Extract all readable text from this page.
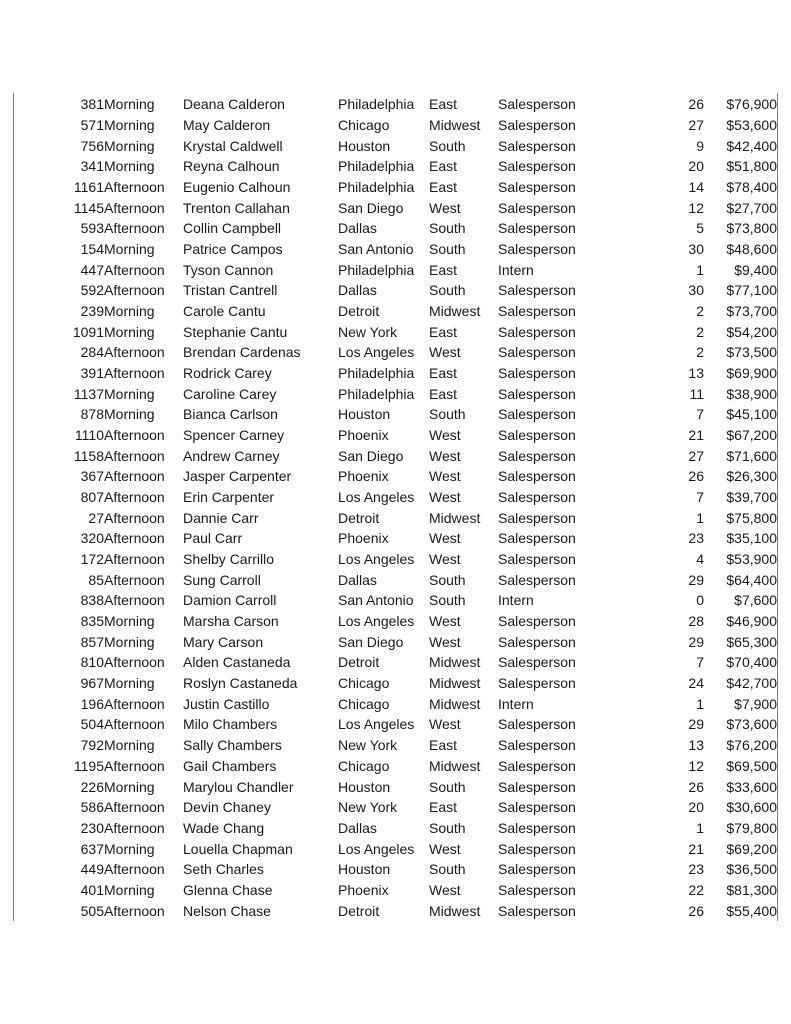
381	Morning	Deana Calderon	Philadelphia	East	Salesperson	26	$76,900
571	Morning	May Calderon	Chicago	Midwest	Salesperson	27	$53,600
756	Morning	Krystal Caldwell	Houston	South	Salesperson	9	$42,400
341	Morning	Reyna Calhoun	Philadelphia	East	Salesperson	20	$51,800
1161	Afternoon	Eugenio Calhoun	Philadelphia	East	Salesperson	14	$78,400
1145	Afternoon	Trenton Callahan	San Diego	West	Salesperson	12	$27,700
593	Afternoon	Collin Campbell	Dallas	South	Salesperson	5	$73,800
154	Morning	Patrice Campos	San Antonio	South	Salesperson	30	$48,600
447	Afternoon	Tyson Cannon	Philadelphia	East	Intern	1	$9,400
592	Afternoon	Tristan Cantrell	Dallas	South	Salesperson	30	$77,100
239	Morning	Carole Cantu	Detroit	Midwest	Salesperson	2	$73,700
1091	Morning	Stephanie Cantu	New York	East	Salesperson	2	$54,200
284	Afternoon	Brendan Cardenas	Los Angeles	West	Salesperson	2	$73,500
391	Afternoon	Rodrick Carey	Philadelphia	East	Salesperson	13	$69,900
1137	Morning	Caroline Carey	Philadelphia	East	Salesperson	11	$38,900
878	Morning	Bianca Carlson	Houston	South	Salesperson	7	$45,100
1110	Afternoon	Spencer Carney	Phoenix	West	Salesperson	21	$67,200
1158	Afternoon	Andrew Carney	San Diego	West	Salesperson	27	$71,600
367	Afternoon	Jasper Carpenter	Phoenix	West	Salesperson	26	$26,300
807	Afternoon	Erin Carpenter	Los Angeles	West	Salesperson	7	$39,700
27	Afternoon	Dannie Carr	Detroit	Midwest	Salesperson	1	$75,800
320	Afternoon	Paul Carr	Phoenix	West	Salesperson	23	$35,100
172	Afternoon	Shelby Carrillo	Los Angeles	West	Salesperson	4	$53,900
85	Afternoon	Sung Carroll	Dallas	South	Salesperson	29	$64,400
838	Afternoon	Damion Carroll	San Antonio	South	Intern	0	$7,600
835	Morning	Marsha Carson	Los Angeles	West	Salesperson	28	$46,900
857	Morning	Mary Carson	San Diego	West	Salesperson	29	$65,300
810	Afternoon	Alden Castaneda	Detroit	Midwest	Salesperson	7	$70,400
967	Morning	Roslyn Castaneda	Chicago	Midwest	Salesperson	24	$42,700
196	Afternoon	Justin Castillo	Chicago	Midwest	Intern	1	$7,900
504	Afternoon	Milo Chambers	Los Angeles	West	Salesperson	29	$73,600
792	Morning	Sally Chambers	New York	East	Salesperson	13	$76,200
1195	Afternoon	Gail Chambers	Chicago	Midwest	Salesperson	12	$69,500
226	Morning	Marylou Chandler	Houston	South	Salesperson	26	$33,600
586	Afternoon	Devin Chaney	New York	East	Salesperson	20	$30,600
230	Afternoon	Wade Chang	Dallas	South	Salesperson	1	$79,800
637	Morning	Louella Chapman	Los Angeles	West	Salesperson	21	$69,200
449	Afternoon	Seth Charles	Houston	South	Salesperson	23	$36,500
401	Morning	Glenna Chase	Phoenix	West	Salesperson	22	$81,300
505	Afternoon	Nelson Chase	Detroit	Midwest	Salesperson	26	$55,400
